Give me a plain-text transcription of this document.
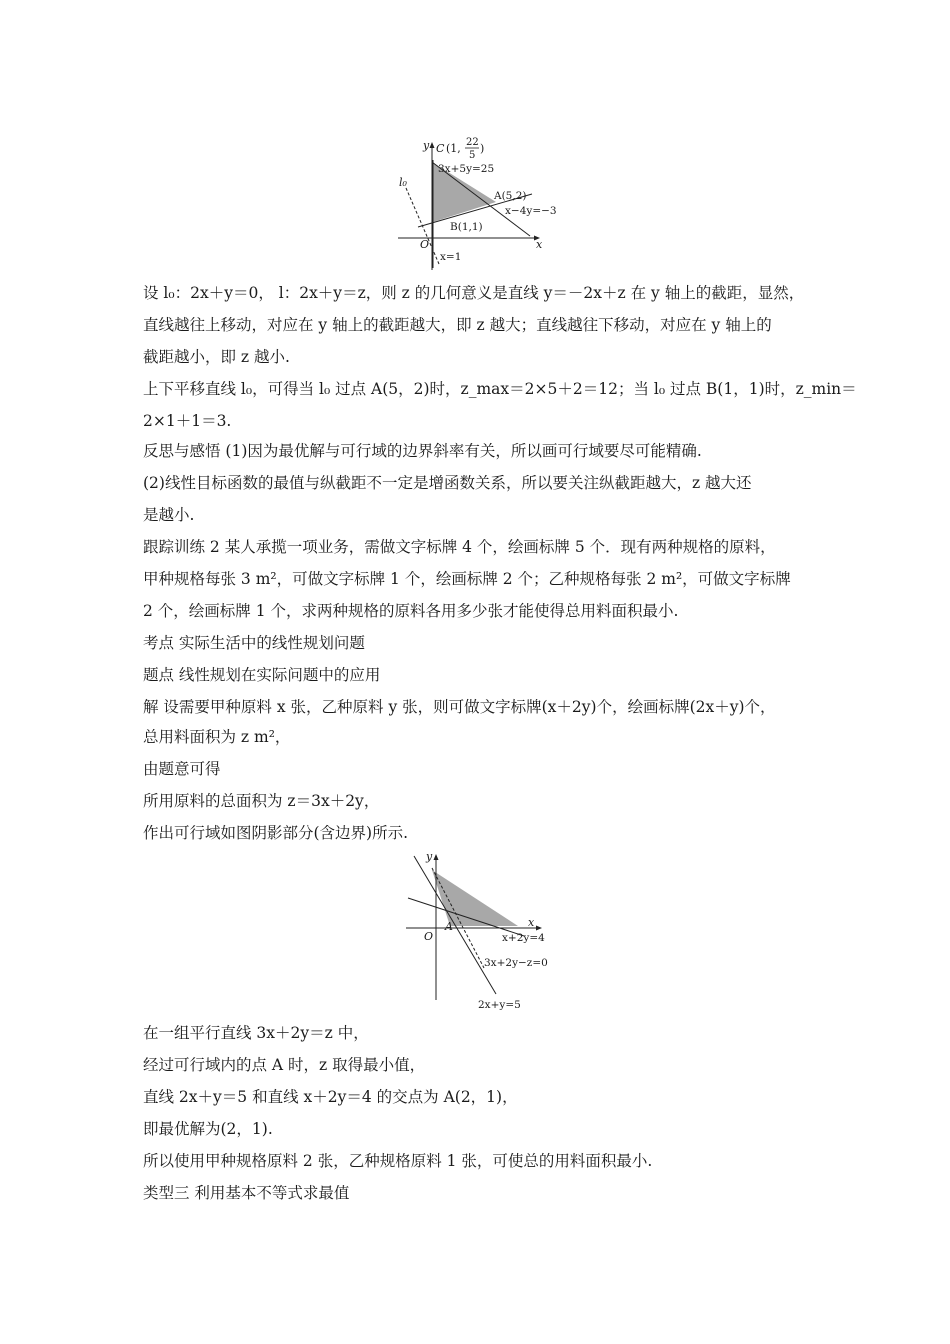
y
x
O
l₀
C (1, 22
5
)
3x+5y=25
A(5,2)
x−4y=−3
B(1,1)
x=1
设 l₀：2x＋y＝0， l：2x＋y＝z，则 z 的几何意义是直线 y＝－2x＋z 在 y 轴上的截距，显然，
直线越往上移动，对应在 y 轴上的截距越大，即 z 越大；直线越往下移动，对应在 y 轴上的
截距越小，即 z 越小.
上下平移直线 l₀，可得当 l₀ 过点 A(5，2)时，z_max＝2×5＋2＝12；当 l₀ 过点 B(1，1)时，z_min＝
2×1＋1＝3.
反思与感悟 (1)因为最优解与可行域的边界斜率有关，所以画可行域要尽可能精确.
(2)线性目标函数的最值与纵截距不一定是增函数关系，所以要关注纵截距越大，z 越大还
是越小.
跟踪训练 2 某人承揽一项业务，需做文字标牌 4 个，绘画标牌 5 个．现有两种规格的原料，
甲种规格每张 3 m²，可做文字标牌 1 个，绘画标牌 2 个；乙种规格每张 2 m²，可做文字标牌
2 个，绘画标牌 1 个，求两种规格的原料各用多少张才能使得总用料面积最小.
考点 实际生活中的线性规划问题
题点 线性规划在实际问题中的应用
解 设需要甲种原料 x 张，乙种原料 y 张，则可做文字标牌(x＋2y)个，绘画标牌(2x＋y)个，
总用料面积为 z m²，
由题意可得
所用原料的总面积为 z＝3x＋2y，
作出可行域如图阴影部分(含边界)所示.
y
x
O
A
x+2y=4
3x+2y−z=0
2x+y=5
在一组平行直线 3x＋2y＝z 中，
经过可行域内的点 A 时，z 取得最小值，
直线 2x＋y＝5 和直线 x＋2y＝4 的交点为 A(2，1)，
即最优解为(2，1).
所以使用甲种规格原料 2 张，乙种规格原料 1 张，可使总的用料面积最小.
类型三 利用基本不等式求最值
